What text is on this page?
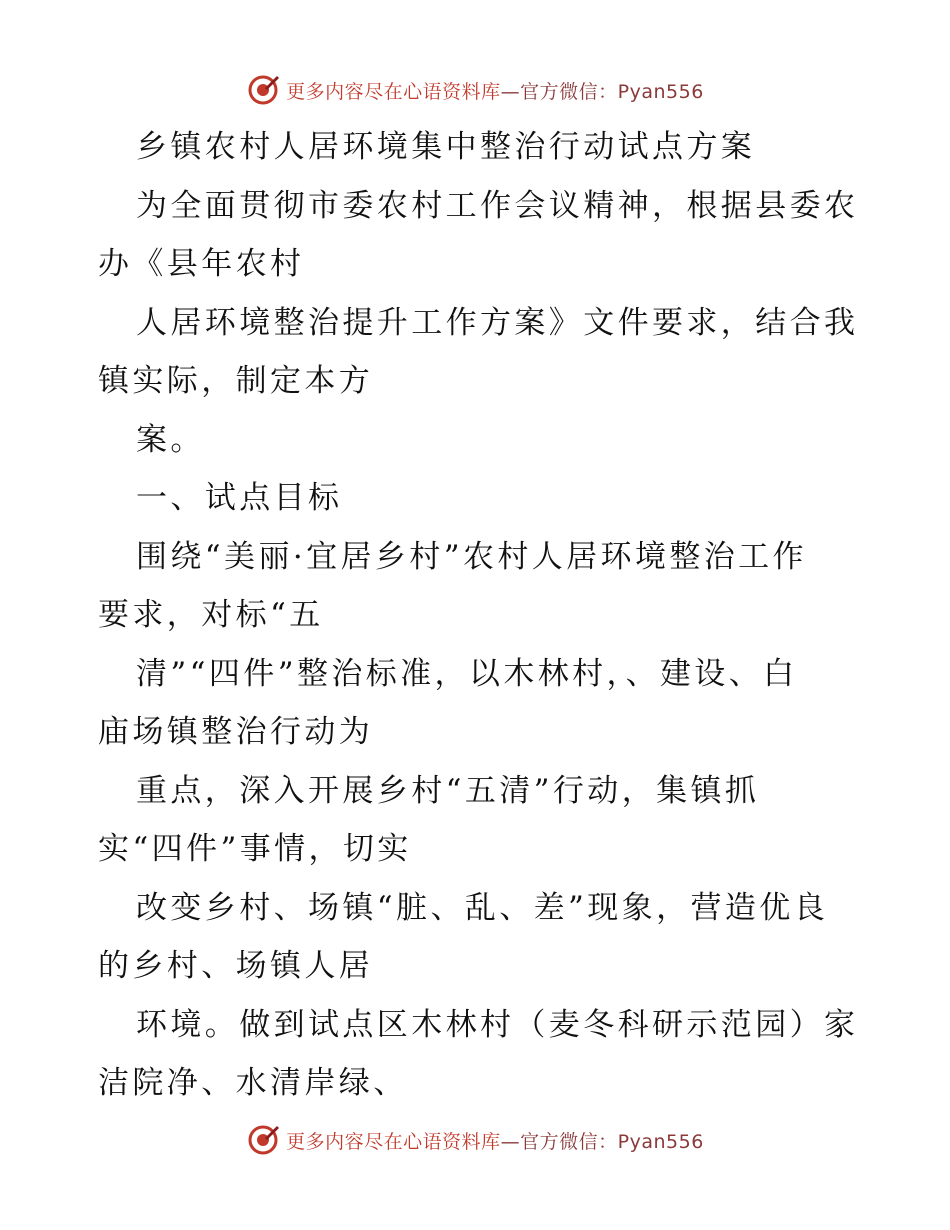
更多内容尽在心语资料库—官方微信：Pyan556
乡镇农村人居环境集中整治行动试点方案
为全面贯彻市委农村工作会议精神，根据县委农
办《县年农村
人居环境整治提升工作方案》文件要求，结合我
镇实际，制定本方
案。
一、试点目标
围绕“美丽·宜居乡村”农村人居环境整治工作
要求，对标“五
清”“四件”整治标准，以木林村，、建设、白
庙场镇整治行动为
重点，深入开展乡村“五清”行动，集镇抓
实“四件”事情，切实
改变乡村、场镇“脏、乱、差”现象，营造优良
的乡村、场镇人居
环境。做到试点区木林村（麦冬科研示范园）家
洁院净、水清岸绿、
更多内容尽在心语资料库—官方微信：Pyan556
